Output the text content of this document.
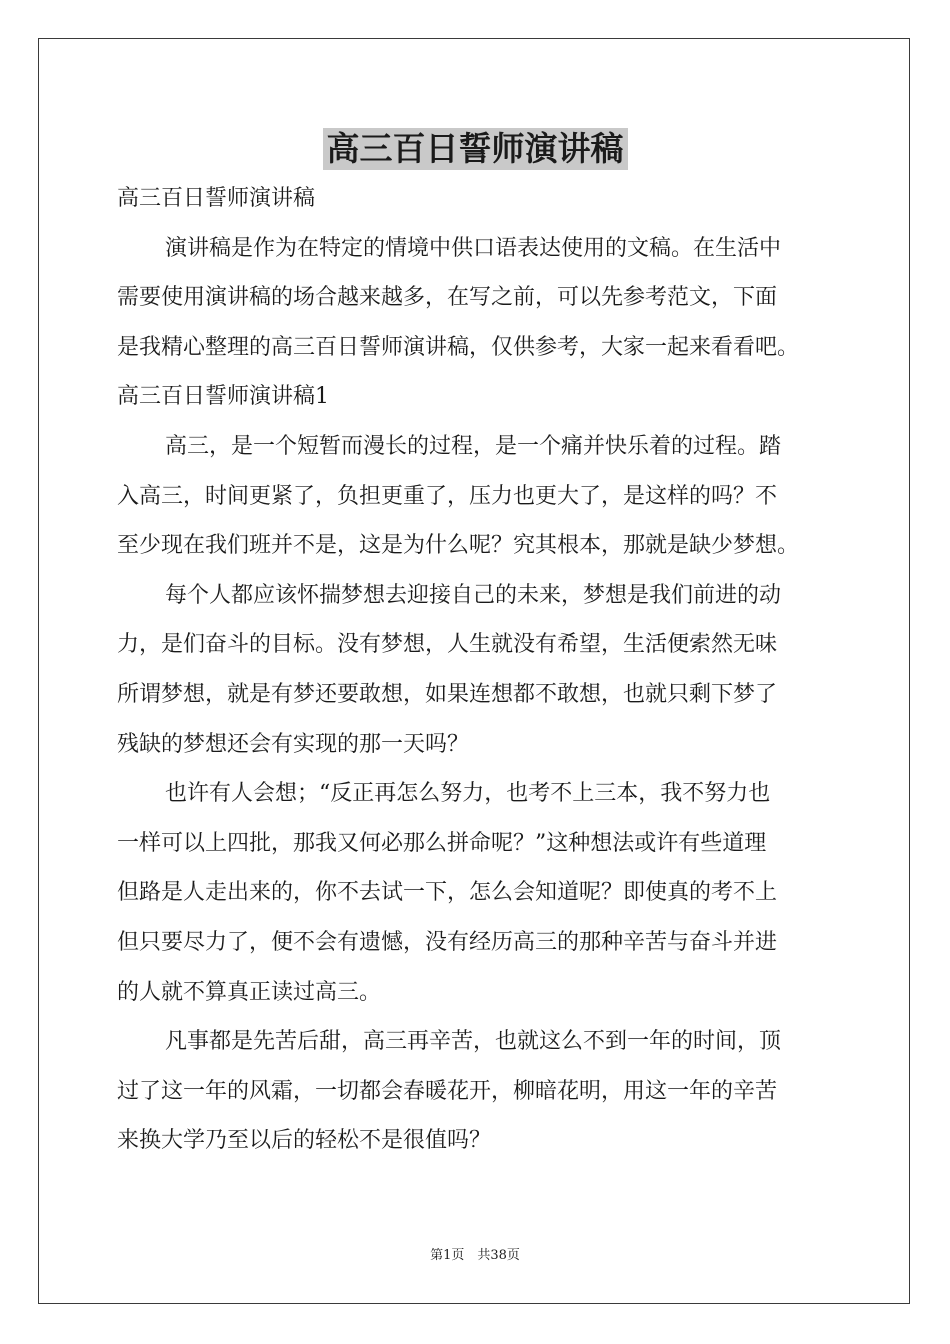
高三百日誓师演讲稿
高三百日誓师演讲稿
演讲稿是作为在特定的情境中供口语表达使用的文稿。在生活中
需要使用演讲稿的场合越来越多，在写之前，可以先参考范文，下面
是我精心整理的高三百日誓师演讲稿，仅供参考，大家一起来看看吧。
高三百日誓师演讲稿1
高三，是一个短暂而漫长的过程，是一个痛并快乐着的过程。踏
入高三，时间更紧了，负担更重了，压力也更大了，是这样的吗？不
至少现在我们班并不是，这是为什么呢？究其根本，那就是缺少梦想。
每个人都应该怀揣梦想去迎接自己的未来，梦想是我们前进的动
力，是们奋斗的目标。没有梦想，人生就没有希望，生活便索然无味
所谓梦想，就是有梦还要敢想，如果连想都不敢想，也就只剩下梦了
残缺的梦想还会有实现的那一天吗？
也许有人会想；“反正再怎么努力，也考不上三本，我不努力也
一样可以上四批，那我又何必那么拼命呢？”这种想法或许有些道理
但路是人走出来的，你不去试一下，怎么会知道呢？即使真的考不上
但只要尽力了，便不会有遗憾，没有经历高三的那种辛苦与奋斗并进
的人就不算真正读过高三。
凡事都是先苦后甜，高三再辛苦，也就这么不到一年的时间，顶
过了这一年的风霜，一切都会春暖花开，柳暗花明，用这一年的辛苦
来换大学乃至以后的轻松不是很值吗？
第1页　共38页
